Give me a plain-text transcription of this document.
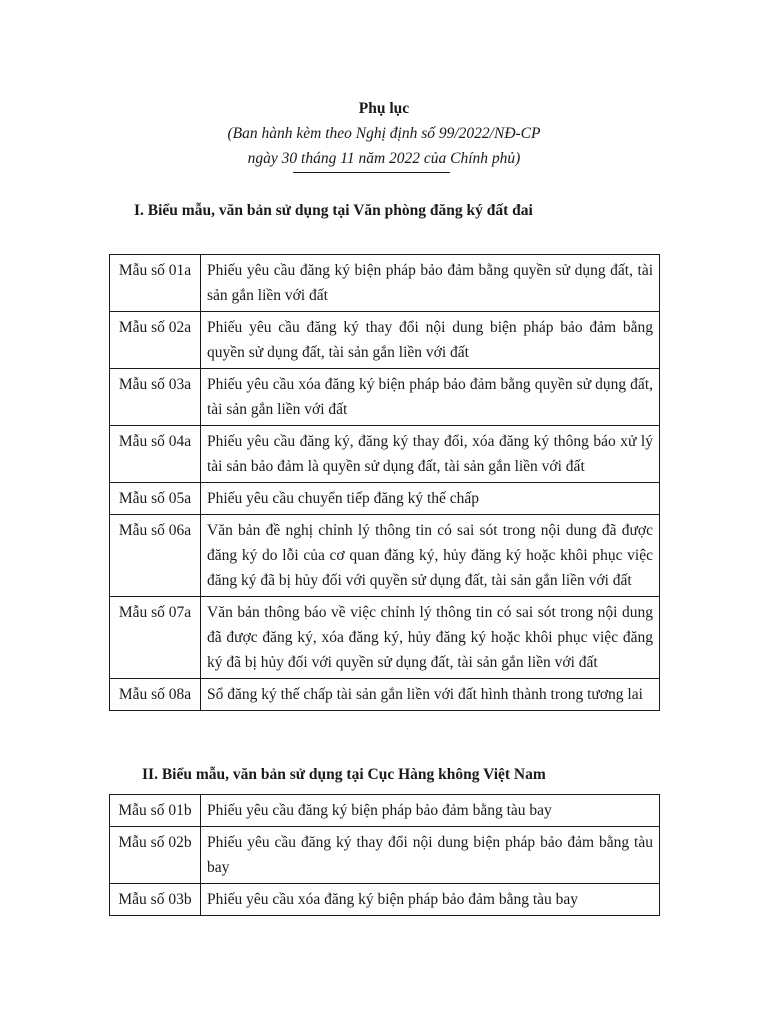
Phụ lục
(Ban hành kèm theo Nghị định số 99/2022/NĐ-CP
ngày 30 tháng 11 năm 2022 của Chính phủ)
I. Biểu mẫu, văn bản sử dụng tại Văn phòng đăng ký đất đai
Mẫu số 01a	Phiếu yêu cầu đăng ký biện pháp bảo đảm bằng quyền sử dụng đất, tài sản gắn liền với đất
Mẫu số 02a	Phiếu yêu cầu đăng ký thay đổi nội dung biện pháp bảo đảm bằng quyền sử dụng đất, tài sản gắn liền với đất
Mẫu số 03a	Phiếu yêu cầu xóa đăng ký biện pháp bảo đảm bằng quyền sử dụng đất, tài sản gắn liền với đất
Mẫu số 04a	Phiếu yêu cầu đăng ký, đăng ký thay đổi, xóa đăng ký thông báo xử lý tài sản bảo đảm là quyền sử dụng đất, tài sản gắn liền với đất
Mẫu số 05a	Phiếu yêu cầu chuyển tiếp đăng ký thế chấp
Mẫu số 06a	Văn bản đề nghị chỉnh lý thông tin có sai sót trong nội dung đã được đăng ký do lỗi của cơ quan đăng ký, hủy đăng ký hoặc khôi phục việc đăng ký đã bị hủy đối với quyền sử dụng đất, tài sản gắn liền với đất
Mẫu số 07a	Văn bản thông báo về việc chỉnh lý thông tin có sai sót trong nội dung đã được đăng ký, xóa đăng ký, hủy đăng ký hoặc khôi phục việc đăng ký đã bị hủy đối với quyền sử dụng đất, tài sản gắn liền với đất
Mẫu số 08a	Sổ đăng ký thế chấp tài sản gắn liền với đất hình thành trong tương lai
II. Biểu mẫu, văn bản sử dụng tại Cục Hàng không Việt Nam
Mẫu số 01b	Phiếu yêu cầu đăng ký biện pháp bảo đảm bằng tàu bay
Mẫu số 02b	Phiếu yêu cầu đăng ký thay đổi nội dung biện pháp bảo đảm bằng tàu bay
Mẫu số 03b	Phiếu yêu cầu xóa đăng ký biện pháp bảo đảm bằng tàu bay
